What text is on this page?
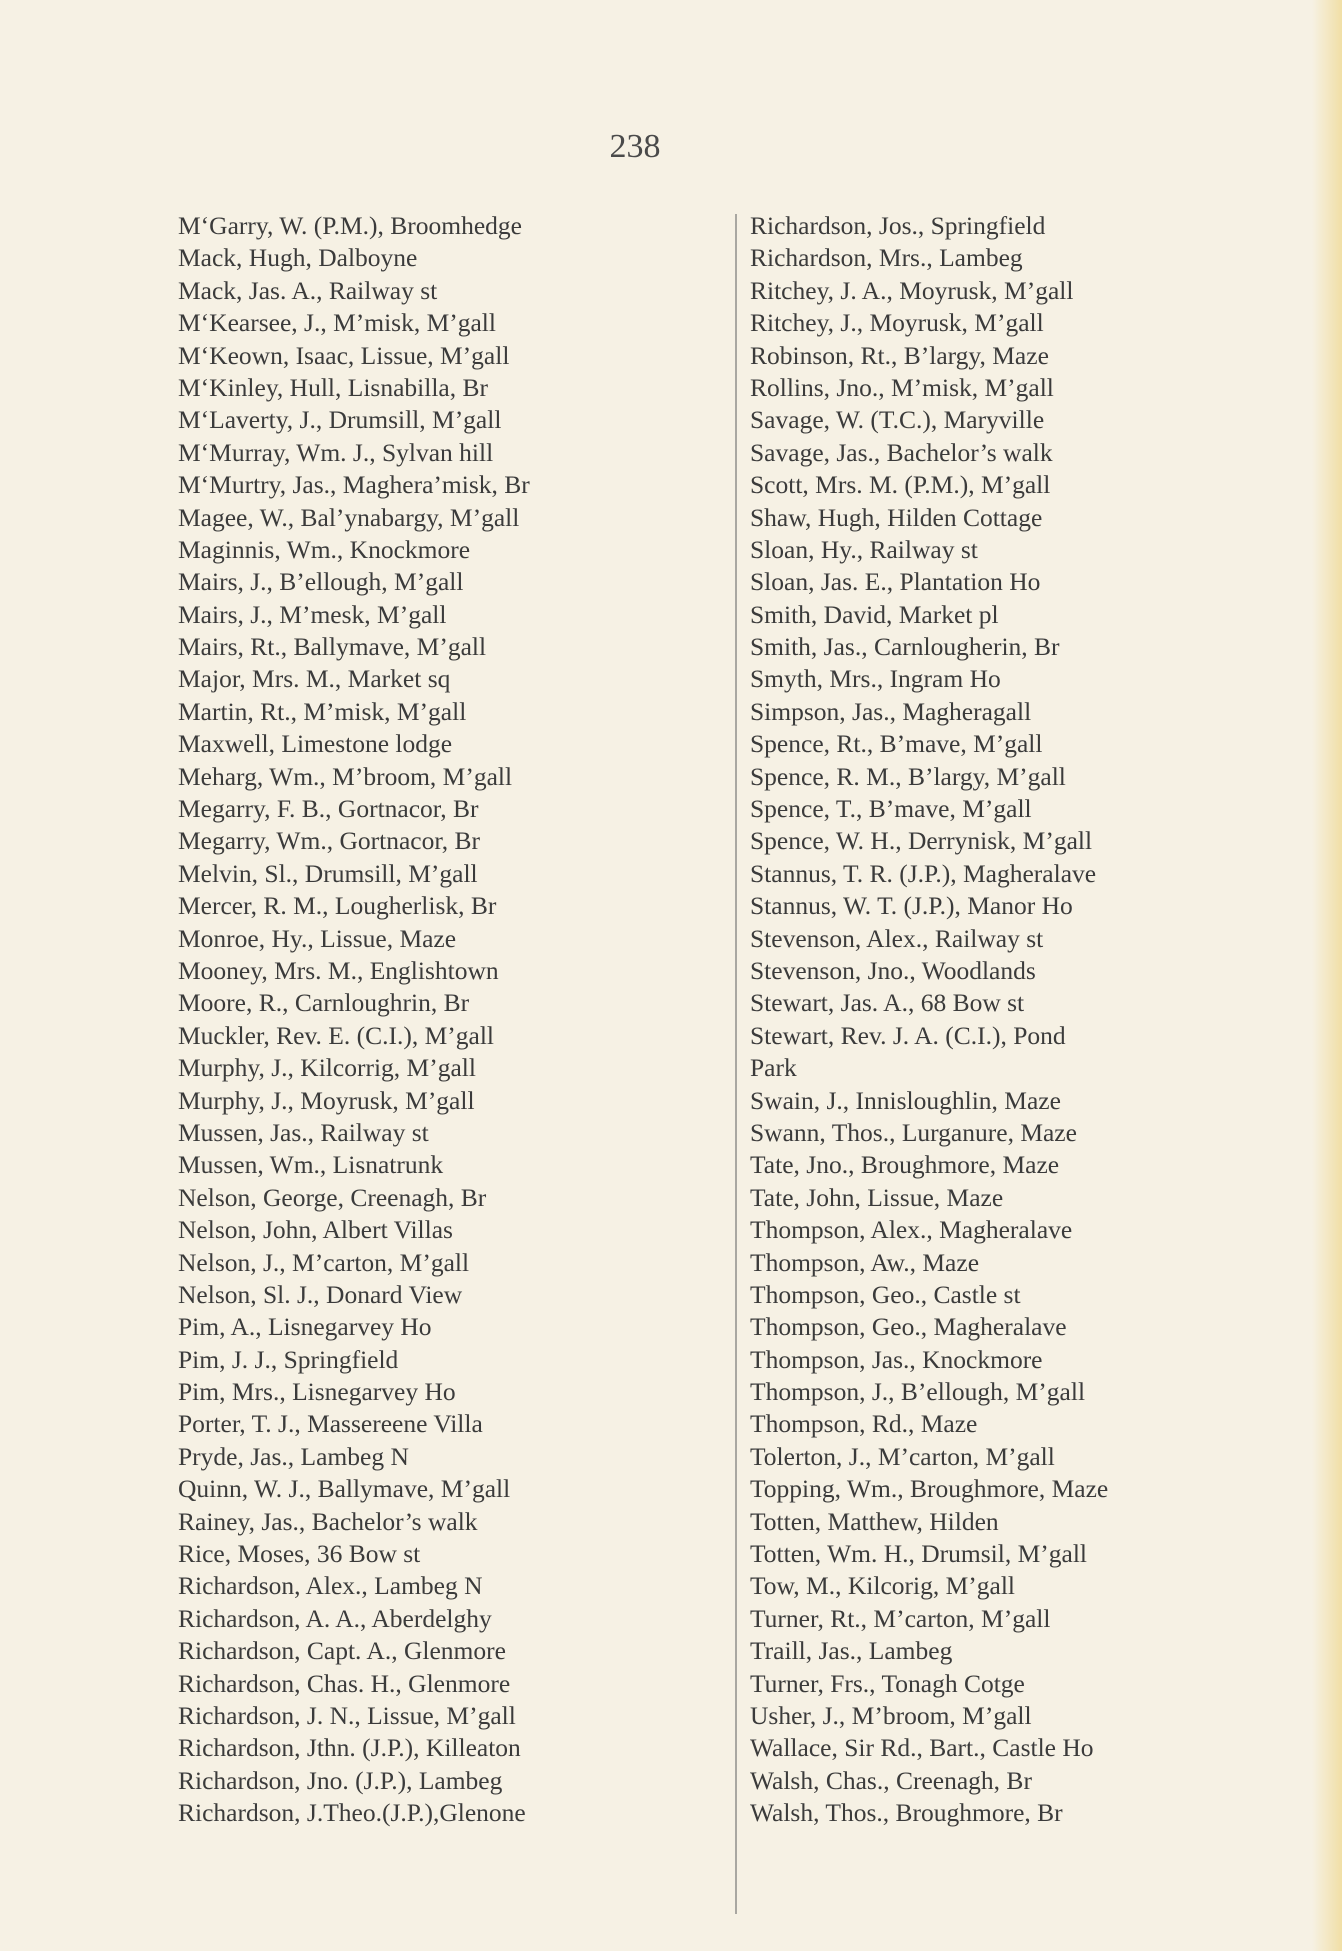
238
M‘Garry, W. (P.M.), Broomhedge
Mack, Hugh, Dalboyne
Mack, Jas. A., Railway st
M‘Kearsee, J., M’misk, M’gall
M‘Keown, Isaac, Lissue, M’gall
M‘Kinley, Hull, Lisnabilla, Br
M‘Laverty, J., Drumsill, M’gall
M‘Murray, Wm. J., Sylvan hill
M‘Murtry, Jas., Maghera’misk, Br
Magee, W., Bal’ynabargy, M’gall
Maginnis, Wm., Knockmore
Mairs, J., B’ellough, M’gall
Mairs, J., M’mesk, M’gall
Mairs, Rt., Ballymave, M’gall
Major, Mrs. M., Market sq
Martin, Rt., M’misk, M’gall
Maxwell, Limestone lodge
Meharg, Wm., M’broom, M’gall
Megarry, F. B., Gortnacor, Br
Megarry, Wm., Gortnacor, Br
Melvin, Sl., Drumsill, M’gall
Mercer, R. M., Lougherlisk, Br
Monroe, Hy., Lissue, Maze
Mooney, Mrs. M., Englishtown
Moore, R., Carnloughrin, Br
Muckler, Rev. E. (C.I.), M’gall
Murphy, J., Kilcorrig, M’gall
Murphy, J., Moyrusk, M’gall
Mussen, Jas., Railway st
Mussen, Wm., Lisnatrunk
Nelson, George, Creenagh, Br
Nelson, John, Albert Villas
Nelson, J., M’carton, M’gall
Nelson, Sl. J., Donard View
Pim, A., Lisnegarvey Ho
Pim, J. J., Springfield
Pim, Mrs., Lisnegarvey Ho
Porter, T. J., Massereene Villa
Pryde, Jas., Lambeg N
Quinn, W. J., Ballymave, M’gall
Rainey, Jas., Bachelor’s walk
Rice, Moses, 36 Bow st
Richardson, Alex., Lambeg N
Richardson, A. A., Aberdelghy
Richardson, Capt. A., Glenmore
Richardson, Chas. H., Glenmore
Richardson, J. N., Lissue, M’gall
Richardson, Jthn. (J.P.), Killeaton
Richardson, Jno. (J.P.), Lambeg
Richardson, J.Theo.(J.P.),Glenone
Richardson, Jos., Springfield
Richardson, Mrs., Lambeg
Ritchey, J. A., Moyrusk, M’gall
Ritchey, J., Moyrusk, M’gall
Robinson, Rt., B’largy, Maze
Rollins, Jno., M’misk, M’gall
Savage, W. (T.C.), Maryville
Savage, Jas., Bachelor’s walk
Scott, Mrs. M. (P.M.), M’gall
Shaw, Hugh, Hilden Cottage
Sloan, Hy., Railway st
Sloan, Jas. E., Plantation Ho
Smith, David, Market pl
Smith, Jas., Carnlougherin, Br
Smyth, Mrs., Ingram Ho
Simpson, Jas., Magheragall
Spence, Rt., B’mave, M’gall
Spence, R. M., B’largy, M’gall
Spence, T., B’mave, M’gall
Spence, W. H., Derrynisk, M’gall
Stannus, T. R. (J.P.), Magheralave
Stannus, W. T. (J.P.), Manor Ho
Stevenson, Alex., Railway st
Stevenson, Jno., Woodlands
Stewart, Jas. A., 68 Bow st
Stewart, Rev. J. A. (C.I.), Pond
Park
Swain, J., Innisloughlin, Maze
Swann, Thos., Lurganure, Maze
Tate, Jno., Broughmore, Maze
Tate, John, Lissue, Maze
Thompson, Alex., Magheralave
Thompson, Aw., Maze
Thompson, Geo., Castle st
Thompson, Geo., Magheralave
Thompson, Jas., Knockmore
Thompson, J., B’ellough, M’gall
Thompson, Rd., Maze
Tolerton, J., M’carton, M’gall
Topping, Wm., Broughmore, Maze
Totten, Matthew, Hilden
Totten, Wm. H., Drumsil, M’gall
Tow, M., Kilcorig, M’gall
Turner, Rt., M’carton, M’gall
Traill, Jas., Lambeg
Turner, Frs., Tonagh Cotge
Usher, J., M’broom, M’gall
Wallace, Sir Rd., Bart., Castle Ho
Walsh, Chas., Creenagh, Br
Walsh, Thos., Broughmore, Br
